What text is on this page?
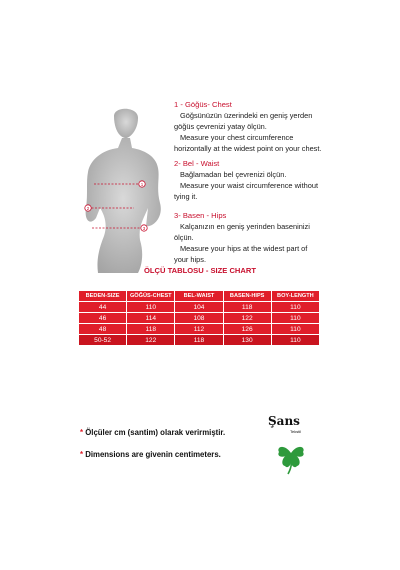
1
2
3
1 - Göğüs- Chest
Göğsünüzün üzerindeki en geniş yerden
göğüs çevrenizi yatay ölçün.
Measure your chest circumference
horizontally at the widest point on your chest.
2- Bel - Waist
Bağlamadan bel çevrenizi ölçün.
Measure your waist circumference without
tying it.
3- Basen - Hips
Kalçanızın en geniş yerinden baseninizi
ölçün.
Measure your hips at the widest part of
your hips.
ÖLÇÜ TABLOSU - SIZE CHART
BEDEN-SIZE	GÖĞÜS-CHEST	BEL-WAIST	BASEN-HIPS	BOY-LENGTH
44	110	104	118	110
46	114	108	122	110
48	118	112	126	110
50-52	122	118	130	110
* Ölçüler cm (santim) olarak verirmiştir.
* Dimensions are givenin centimeters.
Şans
Tekstil
